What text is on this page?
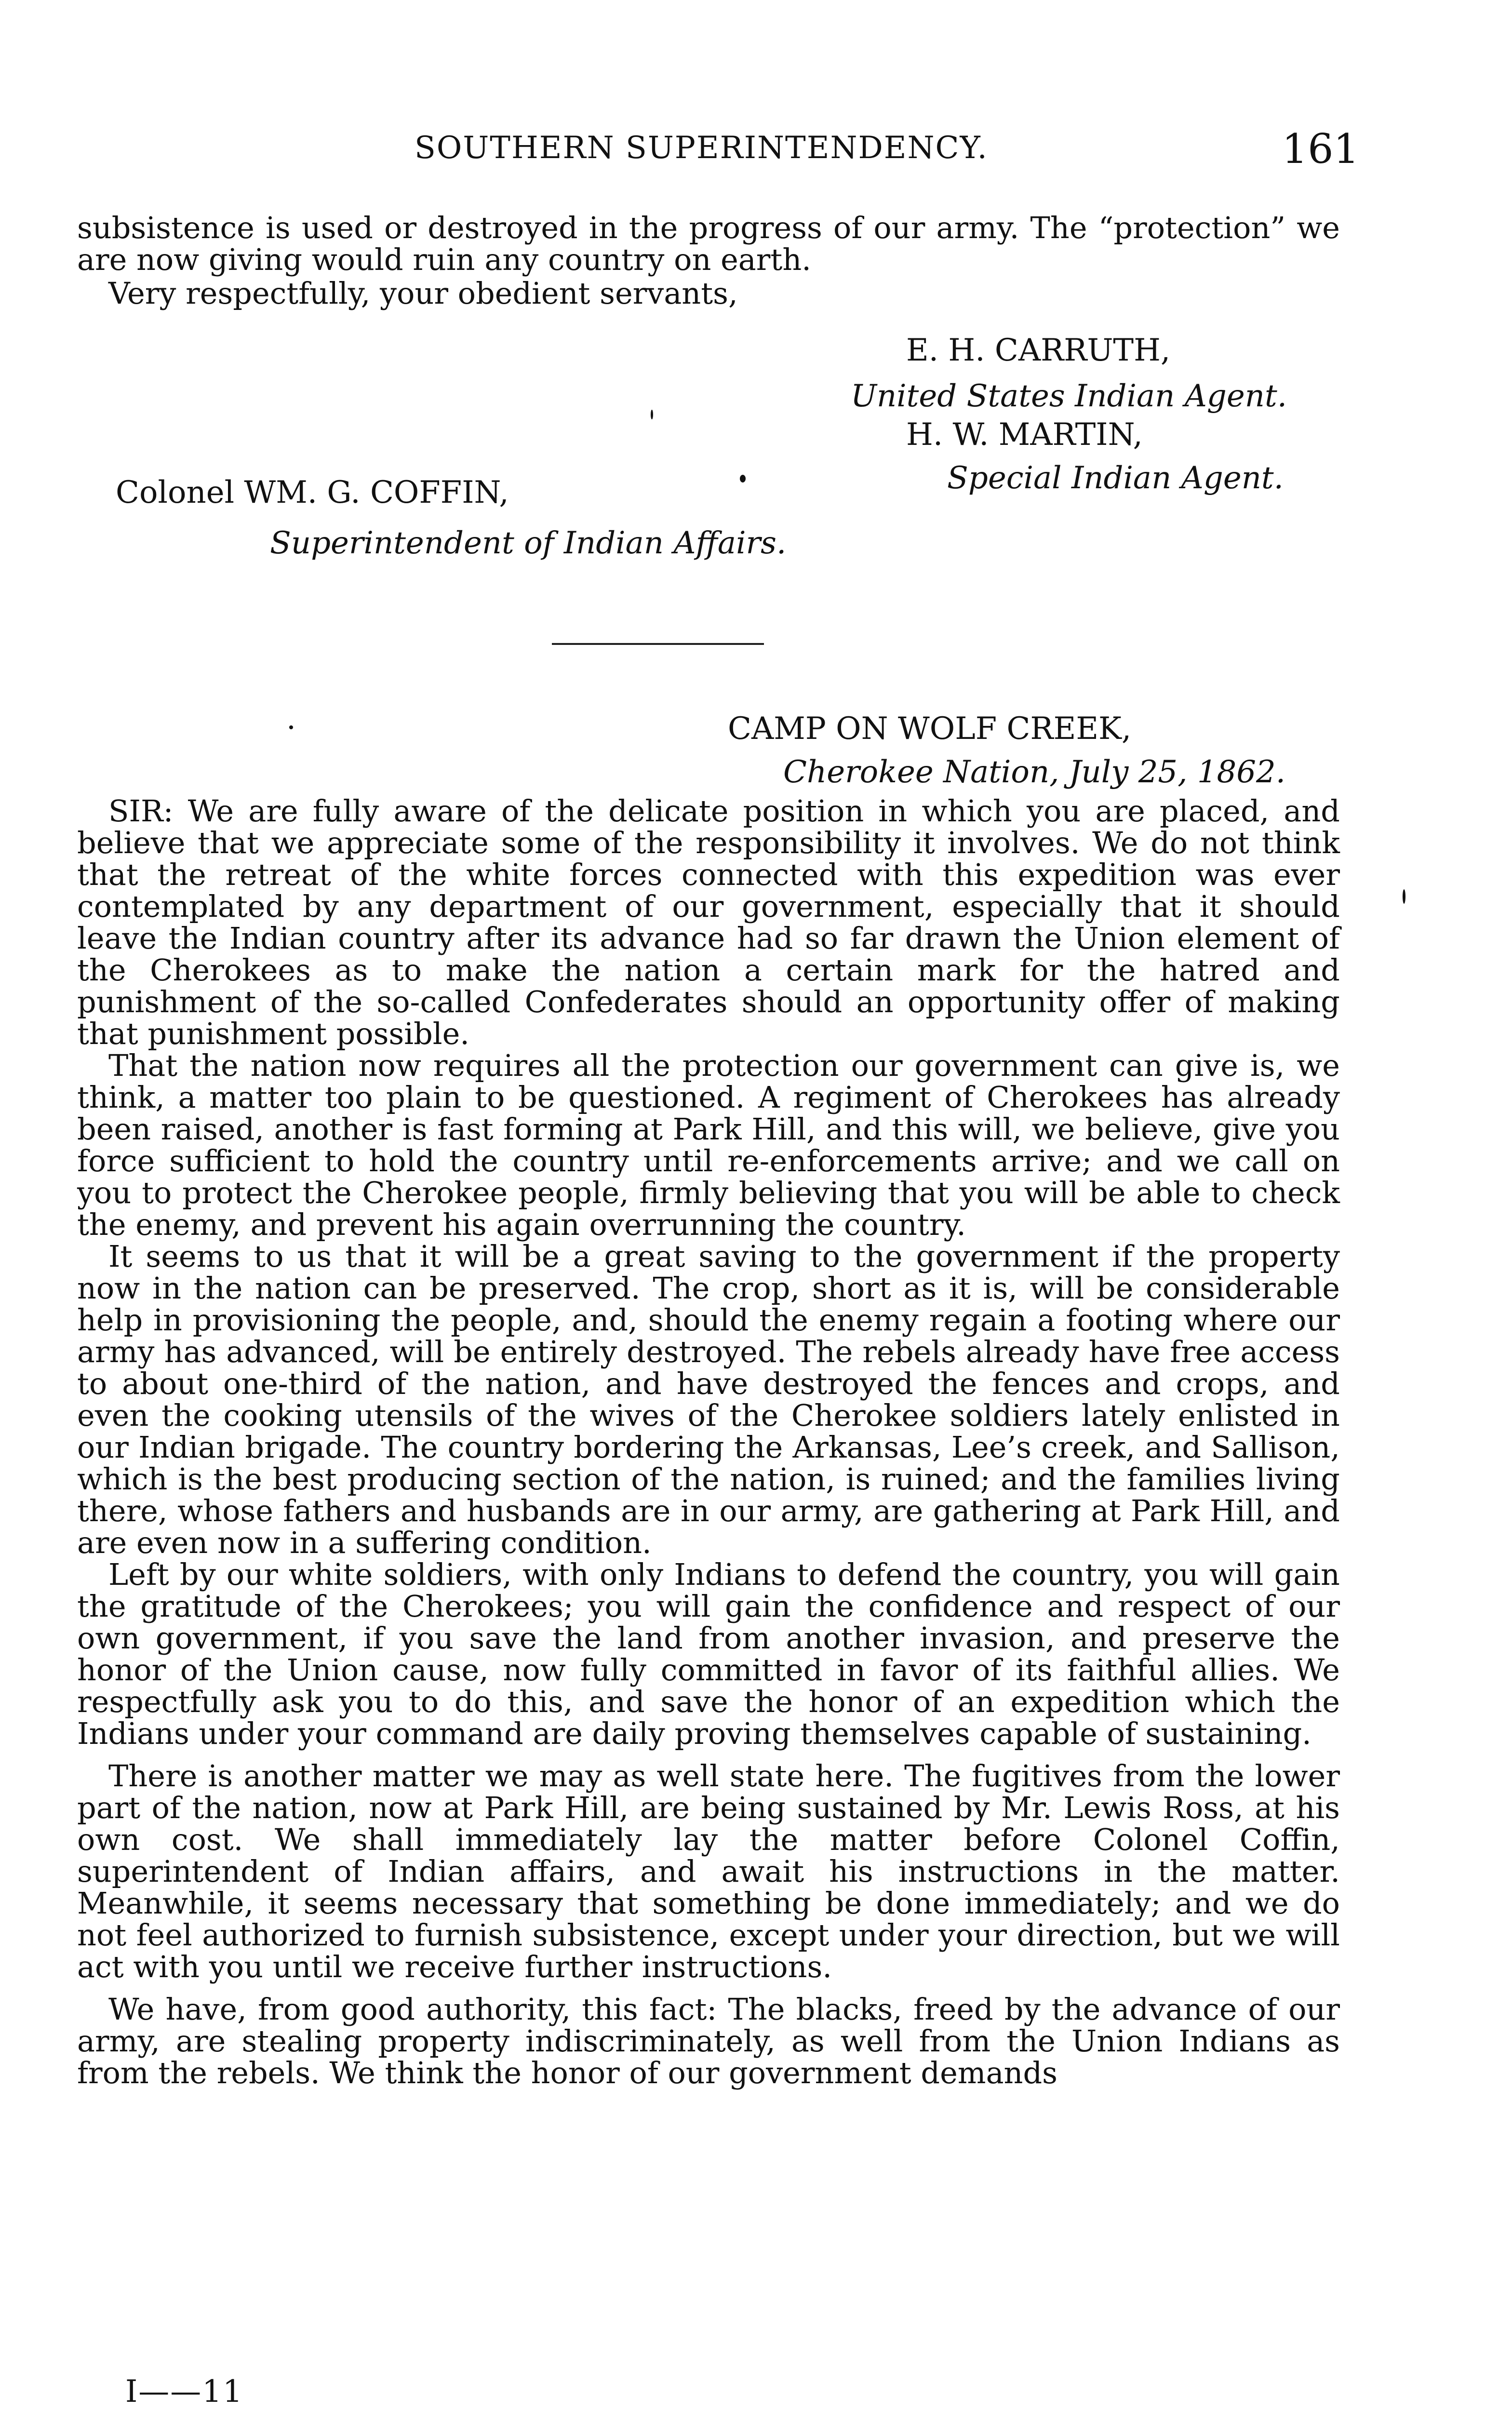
SOUTHERN SUPERINTENDENCY.	161

subsistence is used or destroyed in the progress of our army. The “protection” we are now giving would ruin any country on earth.

Very respectfully, your obedient servants,

E. H. CARRUTH,
United States Indian Agent.
H. W. MARTIN,
Special Indian Agent.
Colonel WM. G. COFFIN,
Superintendent of Indian Affairs.
CAMP ON WOLF CREEK,
Cherokee Nation, July 25, 1862.

SIR: We are fully aware of the delicate position in which you are placed, and believe that we appreciate some of the responsibility it involves. We do not think that the retreat of the white forces connected with this expedition was ever contemplated by any department of our government, especially that it should leave the Indian country after its advance had so far drawn the Union element of the Cherokees as to make the nation a certain mark for the hatred and punishment of the so-called Confederates should an opportunity offer of making that punishment possible.

That the nation now requires all the protection our government can give is, we think, a matter too plain to be questioned. A regiment of Cherokees has already been raised, another is fast forming at Park Hill, and this will, we believe, give you force sufficient to hold the country until re-enforcements arrive; and we call on you to protect the Cherokee people, firmly believing that you will be able to check the enemy, and prevent his again overrunning the country.

It seems to us that it will be a great saving to the government if the property now in the nation can be preserved. The crop, short as it is, will be considerable help in provisioning the people, and, should the enemy regain a footing where our army has advanced, will be entirely destroyed. The rebels already have free access to about one-third of the nation, and have destroyed the fences and crops, and even the cooking utensils of the wives of the Cherokee soldiers lately enlisted in our Indian brigade. The country bordering the Arkansas, Lee’s creek, and Sallison, which is the best producing section of the nation, is ruined; and the families living there, whose fathers and husbands are in our army, are gathering at Park Hill, and are even now in a suffering condition.

Left by our white soldiers, with only Indians to defend the country, you will gain the gratitude of the Cherokees; you will gain the confidence and respect of our own government, if you save the land from another invasion, and preserve the honor of the Union cause, now fully committed in favor of its faithful allies. We respectfully ask you to do this, and save the honor of an expedition which the Indians under your command are daily proving themselves capable of sustaining.

There is another matter we may as well state here. The fugitives from the lower part of the nation, now at Park Hill, are being sustained by Mr. Lewis Ross, at his own cost. We shall immediately lay the matter before Colonel Coffin, superintendent of Indian affairs, and await his instructions in the matter. Meanwhile, it seems necessary that something be done immediately; and we do not feel authorized to furnish subsistence, except under your direction, but we will act with you until we receive further instructions.

We have, from good authority, this fact: The blacks, freed by the advance of our army, are stealing property indiscriminately, as well from the Union Indians as from the rebels. We think the honor of our government demands

I——11
